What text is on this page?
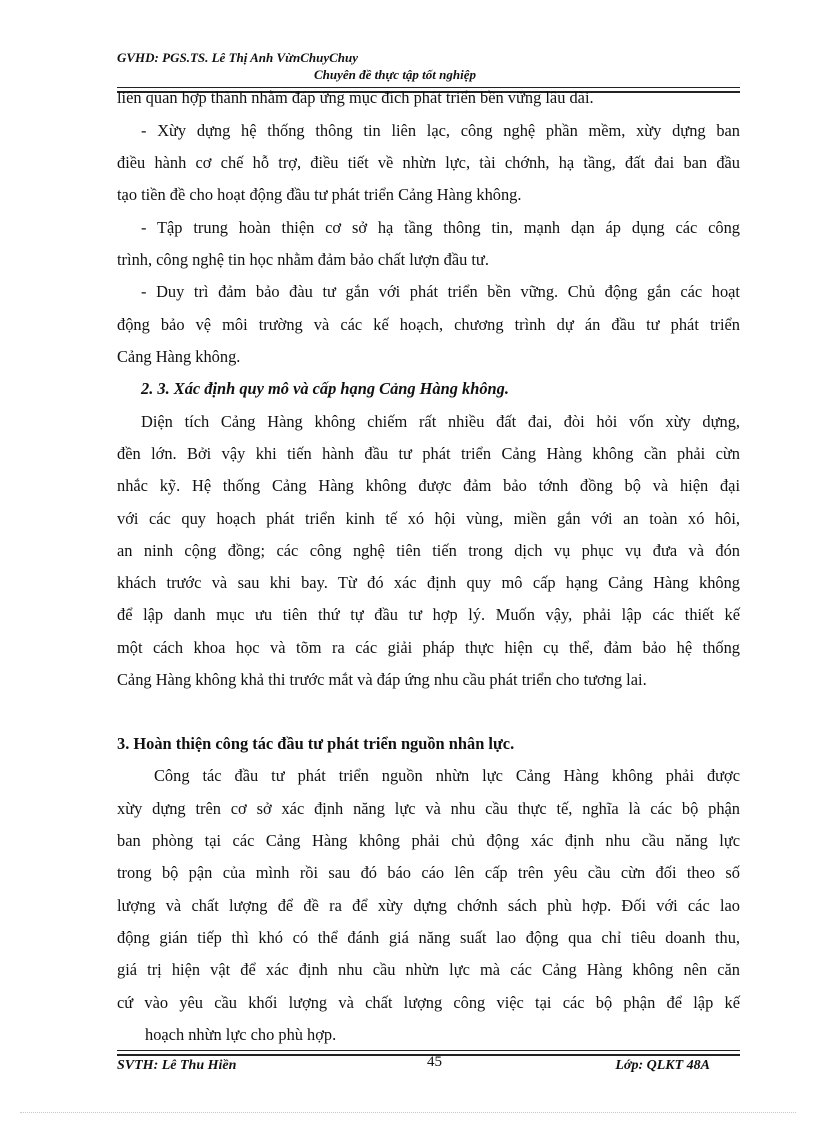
GVHD: PGS.TS. Lê Thị Anh VừnChuyChuy
Chuyên đề thực tập tốt nghiệp
liên quan hợp thành nhằm đáp ứng mục đích phát triển bền vững lâu dài.
- Xừy dựng hệ thống thông tin liên lạc, công nghệ phần mềm, xừy dựng ban
điều hành cơ chế hỗ trợ, điều tiết về nhừn lực, tài chớnh, hạ tầng, đất đai ban đầu
tạo tiền đề cho hoạt động đầu tư phát triển Cảng Hàng không.
- Tập trung hoàn thiện cơ sở hạ tầng thông tin, mạnh dạn áp dụng các công
trình, công nghệ tin học nhằm đảm bảo chất lượn đầu tư.
- Duy trì đảm bảo đàu tư gắn với phát triển bền vững. Chủ động gắn các hoạt
động bảo vệ môi trường và các kế hoạch, chương trình dự án đầu tư phát triển
Cảng Hàng không.
2. 3. Xác định quy mô và cấp hạng Cảng Hàng không.
Diện tích Cảng Hàng không chiếm rất nhiều đất đai, đòi hỏi vốn xừy dựng,
đền lớn. Bởi vậy khi tiến hành đầu tư phát triển Cảng Hàng không cần phải cừn
nhắc kỹ. Hệ thống Cảng Hàng không được đảm bảo tớnh đồng bộ và hiện đại
với các quy hoạch phát triển kinh tế xó hội vùng, miền gắn với an toàn xó hôi,
an ninh cộng đồng; các công nghệ tiên tiến trong dịch vụ phục vụ đưa và đón
khách trước và sau khi bay. Từ đó xác định quy mô cấp hạng Cảng Hàng không
để lập danh mục ưu tiên thứ tự đầu tư hợp lý. Muốn vậy, phải lập các thiết kế
một cách khoa học và tõm ra các giải pháp thực hiện cụ thể, đảm bảo hệ thống
Cảng Hàng không khả thi trước mắt và đáp ứng nhu cầu phát triển cho tương lai.
3. Hoàn thiện công tác đầu tư phát triển nguồn nhân lực.
Công tác đầu tư phát triển nguồn nhừn lực Cảng Hàng không phải được
xừy dựng trên cơ sở xác định năng lực và nhu cầu thực tế, nghĩa là các bộ phận
ban phòng tại các Cảng Hàng không phải chủ động xác định nhu cầu năng lực
trong bộ pận của mình rồi sau đó báo cáo lên cấp trên yêu cầu cừn đối theo số
lượng và chất lượng để đề ra để xừy dựng chớnh sách phù hợp. Đối với các lao
động gián tiếp thì khó có thể đánh giá năng suất lao động qua chỉ tiêu doanh thu,
giá trị hiện vật để xác định nhu cầu nhừn lực mà các Cảng Hàng không nên căn
cứ vào yêu cầu khối lượng và chất lượng công việc tại các bộ phận để lập kế
hoạch nhừn lực cho phù hợp.
SVTH: Lê Thu Hiền	45	Lớp: QLKT 48A
